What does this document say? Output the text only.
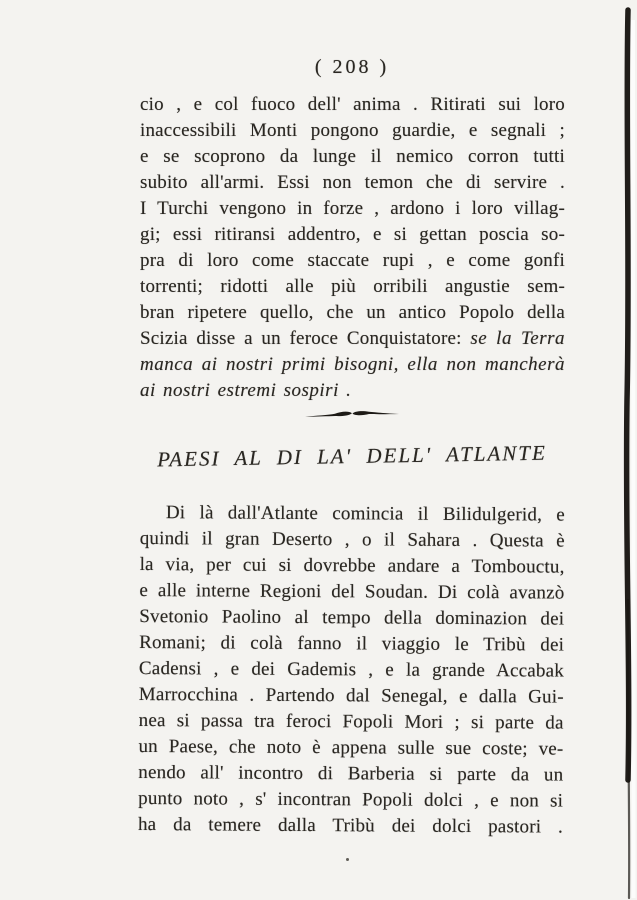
( 208 )
cio , e col fuoco dell' anima . Ritirati sui loro
inaccessibili Monti pongono guardie, e segnali ;
e se scoprono da lunge il nemico corron tutti
subito all'armi. Essi non temon che di servire .
I Turchi vengono in forze , ardono i loro villag-
gi; essi ritiransi addentro, e si gettan poscia so-
pra di loro come staccate rupi , e come gonfi
torrenti; ridotti alle più orribili angustie sem-
bran ripetere quello, che un antico Popolo della
Scizia disse a un feroce Conquistatore: se la Terra
manca ai nostri primi bisogni, ella non mancherà
ai nostri estremi sospiri .
PAESI AL DI LA' DELL' ATLANTE
Di là dall'Atlante comincia il Bilidulgerid, e
quindi il gran Deserto , o il Sahara . Questa è
la via, per cui si dovrebbe andare a Tombouctu,
e alle interne Regioni del Soudan. Di colà avanzò
Svetonio Paolino al tempo della dominazion dei
Romani; di colà fanno il viaggio le Tribù dei
Cadensi , e dei Gademis , e la grande Accabak
Marrocchina . Partendo dal Senegal, e dalla Gui-
nea si passa tra feroci Fopoli Mori ; si parte da
un Paese, che noto è appena sulle sue coste; ve-
nendo all' incontro di Barberia si parte da un
punto noto , s' incontran Popoli dolci , e non si
ha da temere dalla Tribù dei dolci pastori .
